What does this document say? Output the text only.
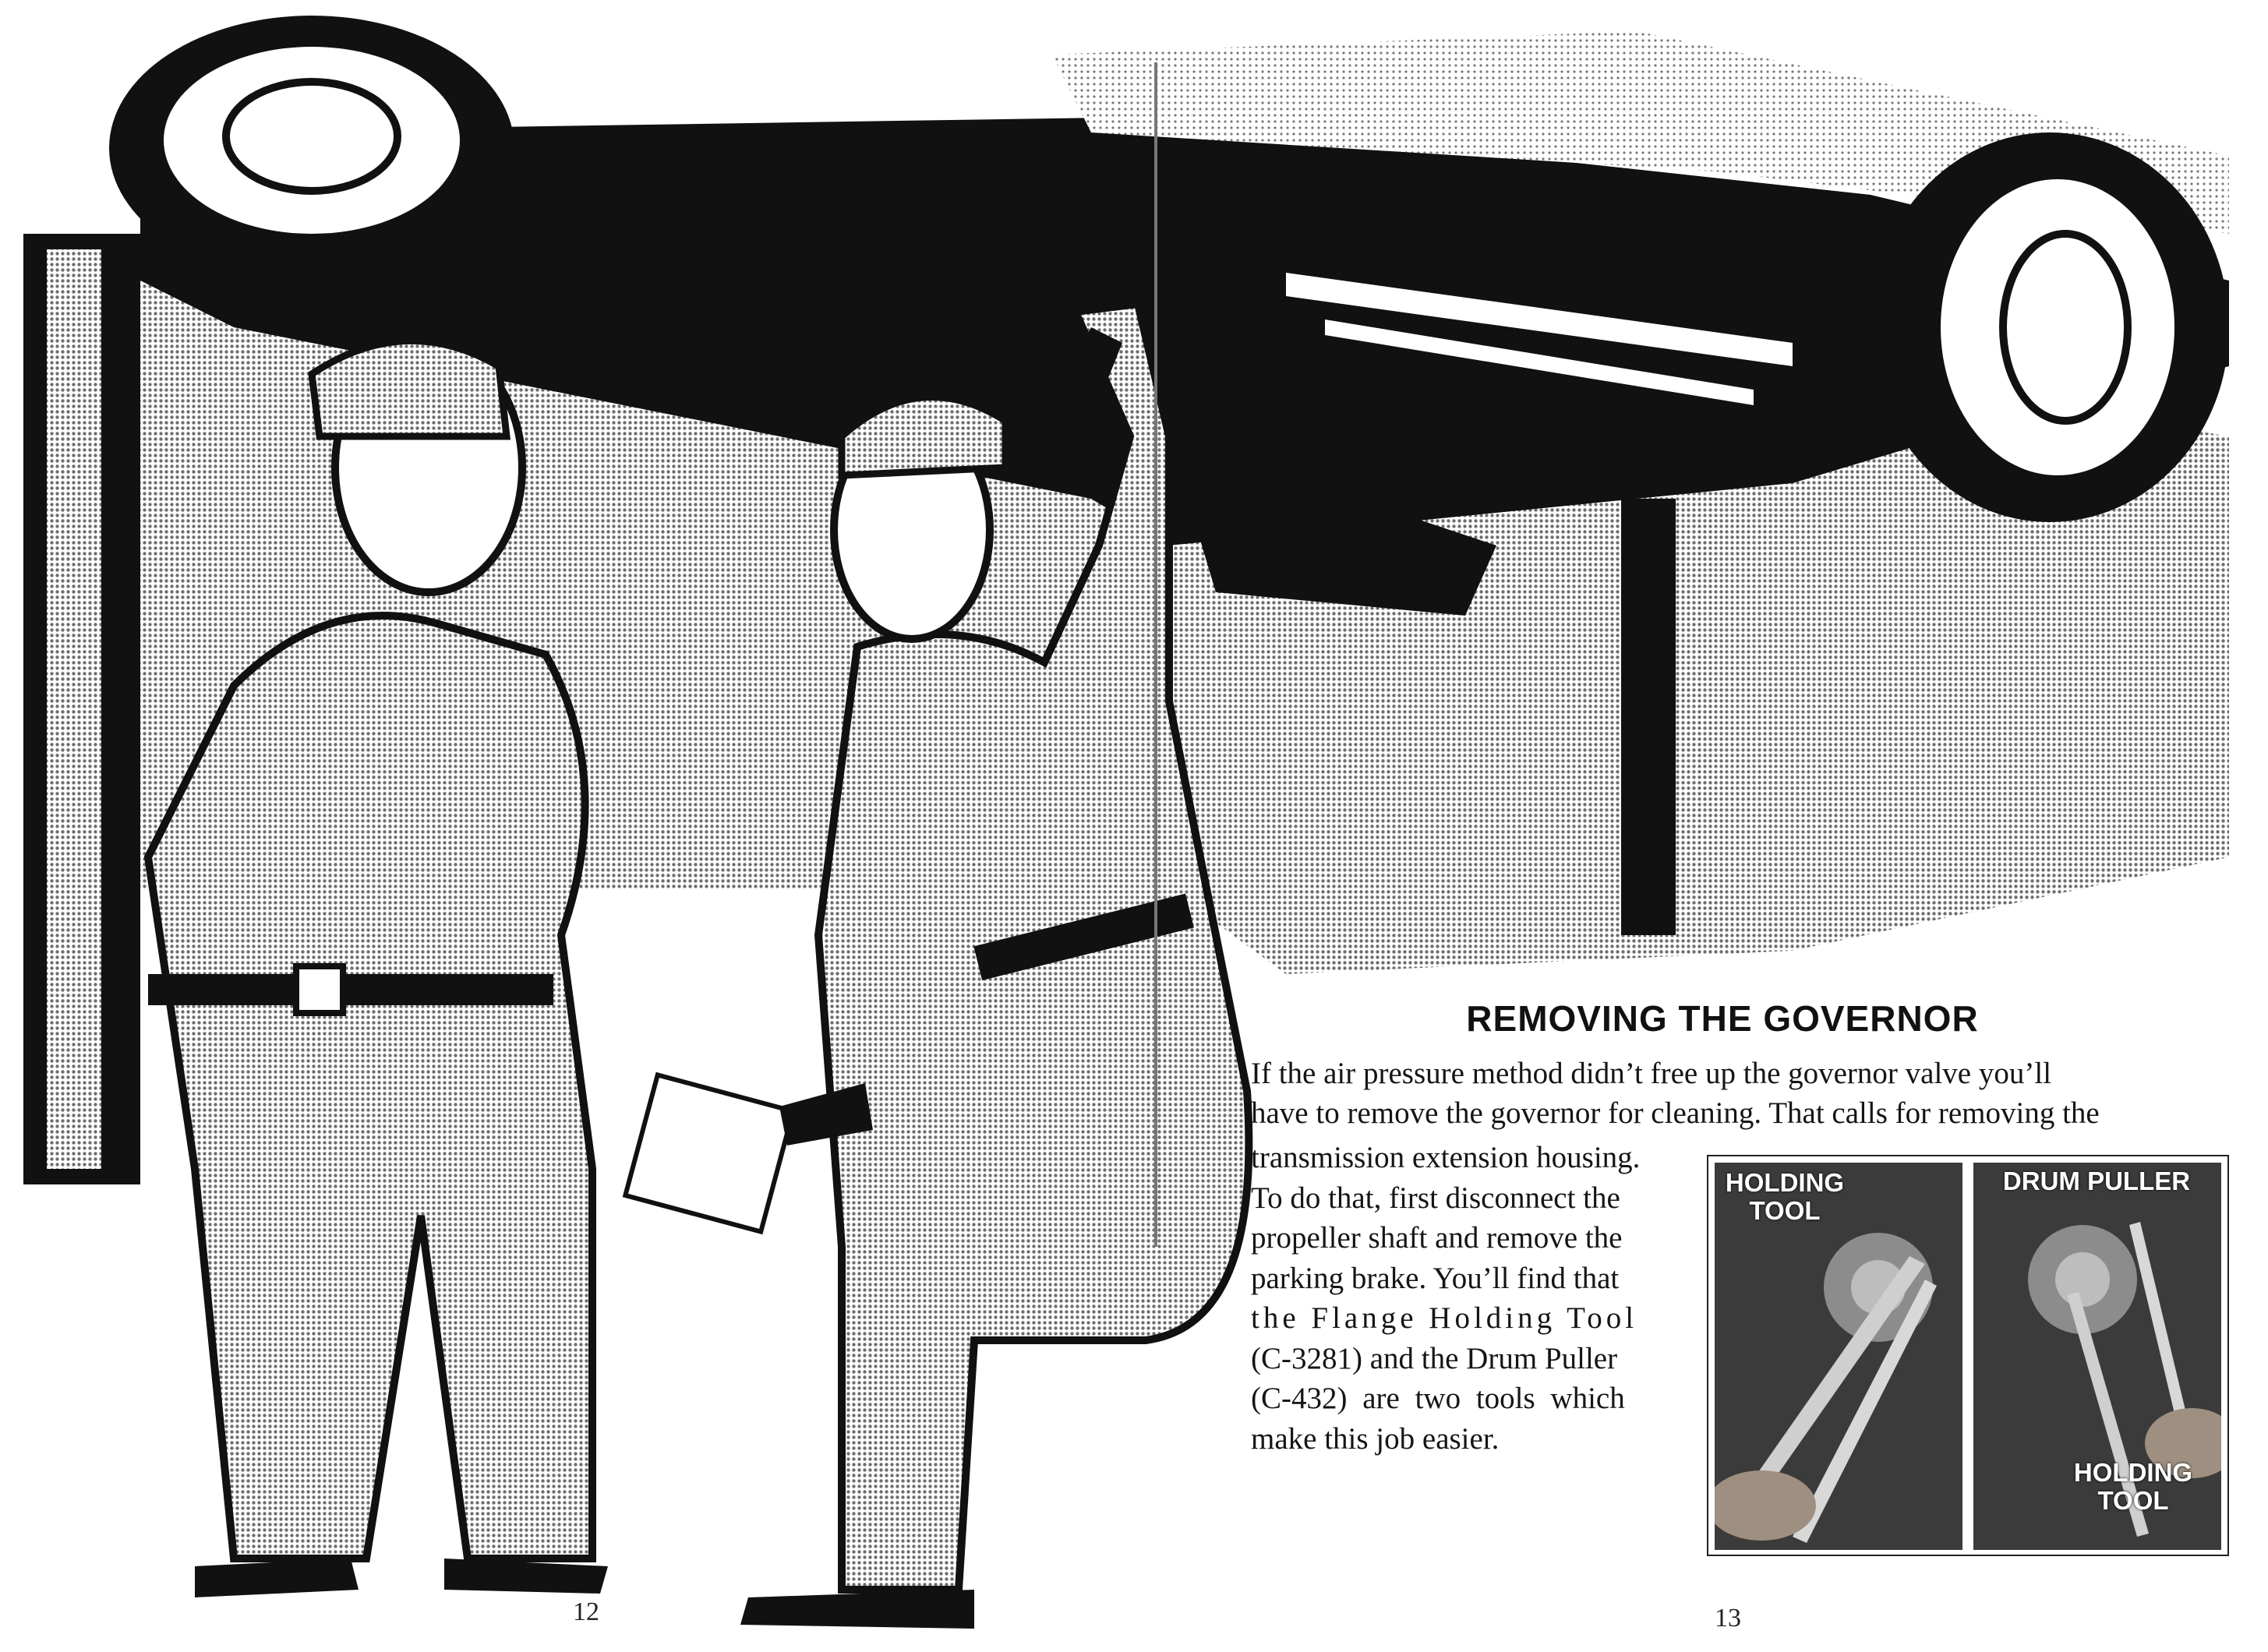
12	13
REMOVING THE GOVERNOR
If the air pressure method didn’t free up the governor valve you’ll
have to remove the governor for cleaning. That calls for removing the
transmission extension housing.
To do that, first disconnect the
propeller shaft and remove the
parking brake. You’ll find that
the Flange Holding Tool
(C-3281) and the Drum Puller
(C-432) are two tools which
make this job easier.
HOLDING TOOL
DRUM PULLER
HOLDING TOOL
